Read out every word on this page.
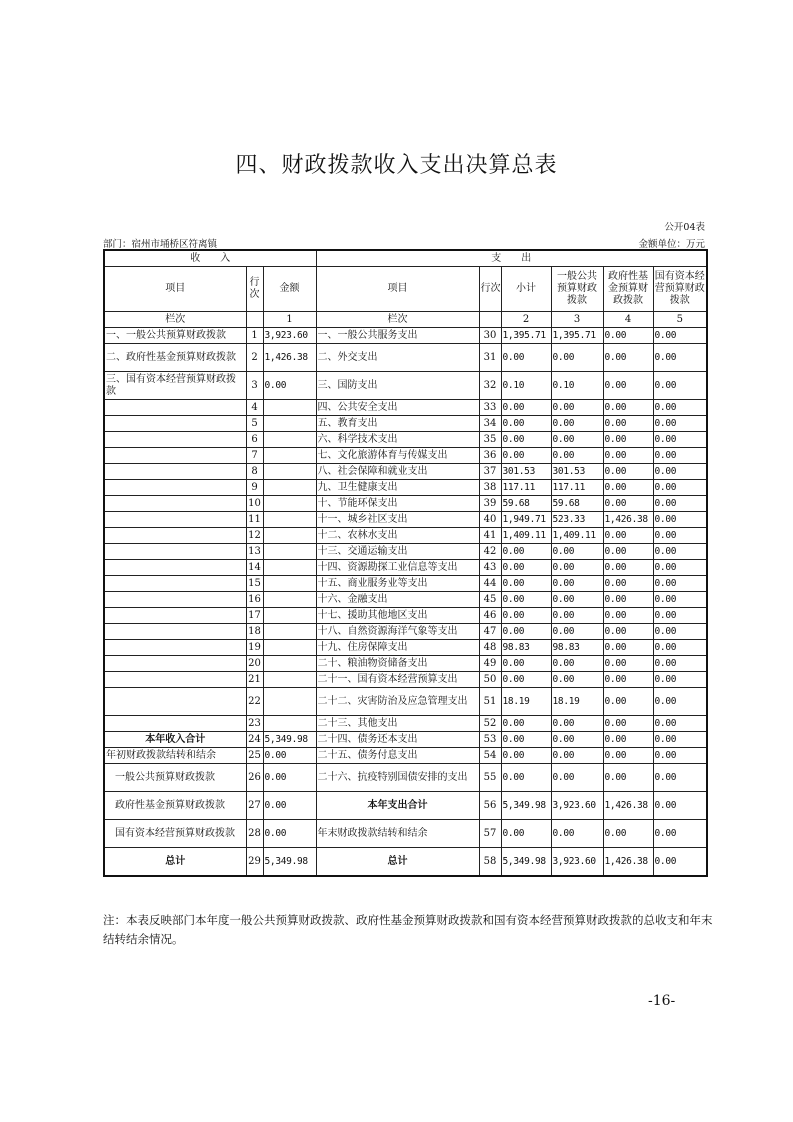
四、财政拨款收入支出决算总表
公开04表
部门：宿州市埇桥区符离镇	金额单位：万元
收　　入			支　　出					
项目	行次	金额	项目	行次	小计	一般公共预算财政拨款	政府性基金预算财政拨款	国有资本经营预算财政拨款
栏次		1	栏次		2	3	4	5
一、一般公共预算财政拨款	1	3,923.60	一、一般公共服务支出	30	1,395.71	1,395.71	0.00	0.00
二、政府性基金预算财政拨款	2	1,426.38	二、外交支出	31	0.00	0.00	0.00	0.00
三、国有资本经营预算财政拨款	3	0.00	三、国防支出	32	0.10	0.10	0.00	0.00
	4		四、公共安全支出	33	0.00	0.00	0.00	0.00
	5		五、教育支出	34	0.00	0.00	0.00	0.00
	6		六、科学技术支出	35	0.00	0.00	0.00	0.00
	7		七、文化旅游体育与传媒支出	36	0.00	0.00	0.00	0.00
	8		八、社会保障和就业支出	37	301.53	301.53	0.00	0.00
	9		九、卫生健康支出	38	117.11	117.11	0.00	0.00
	10		十、节能环保支出	39	59.68	59.68	0.00	0.00
	11		十一、城乡社区支出	40	1,949.71	523.33	1,426.38	0.00
	12		十二、农林水支出	41	1,409.11	1,409.11	0.00	0.00
	13		十三、交通运输支出	42	0.00	0.00	0.00	0.00
	14		十四、资源勘探工业信息等支出	43	0.00	0.00	0.00	0.00
	15		十五、商业服务业等支出	44	0.00	0.00	0.00	0.00
	16		十六、金融支出	45	0.00	0.00	0.00	0.00
	17		十七、援助其他地区支出	46	0.00	0.00	0.00	0.00
	18		十八、自然资源海洋气象等支出	47	0.00	0.00	0.00	0.00
	19		十九、住房保障支出	48	98.83	98.83	0.00	0.00
	20		二十、粮油物资储备支出	49	0.00	0.00	0.00	0.00
	21		二十一、国有资本经营预算支出	50	0.00	0.00	0.00	0.00
	22		二十二、灾害防治及应急管理支出	51	18.19	18.19	0.00	0.00
	23		二十三、其他支出	52	0.00	0.00	0.00	0.00
本年收入合计	24	5,349.98	二十四、债务还本支出	53	0.00	0.00	0.00	0.00
年初财政拨款结转和结余	25	0.00	二十五、债务付息支出	54	0.00	0.00	0.00	0.00
一般公共预算财政拨款	26	0.00	二十六、抗疫特别国债安排的支出	55	0.00	0.00	0.00	0.00
政府性基金预算财政拨款	27	0.00	本年支出合计	56	5,349.98	3,923.60	1,426.38	0.00
国有资本经营预算财政拨款	28	0.00	年末财政拨款结转和结余	57	0.00	0.00	0.00	0.00
总计	29	5,349.98	总计	58	5,349.98	3,923.60	1,426.38	0.00
注：本表反映部门本年度一般公共预算财政拨款、政府性基金预算财政拨款和国有资本经营预算财政拨款的总收支和年末结转结余情况。
-16-
